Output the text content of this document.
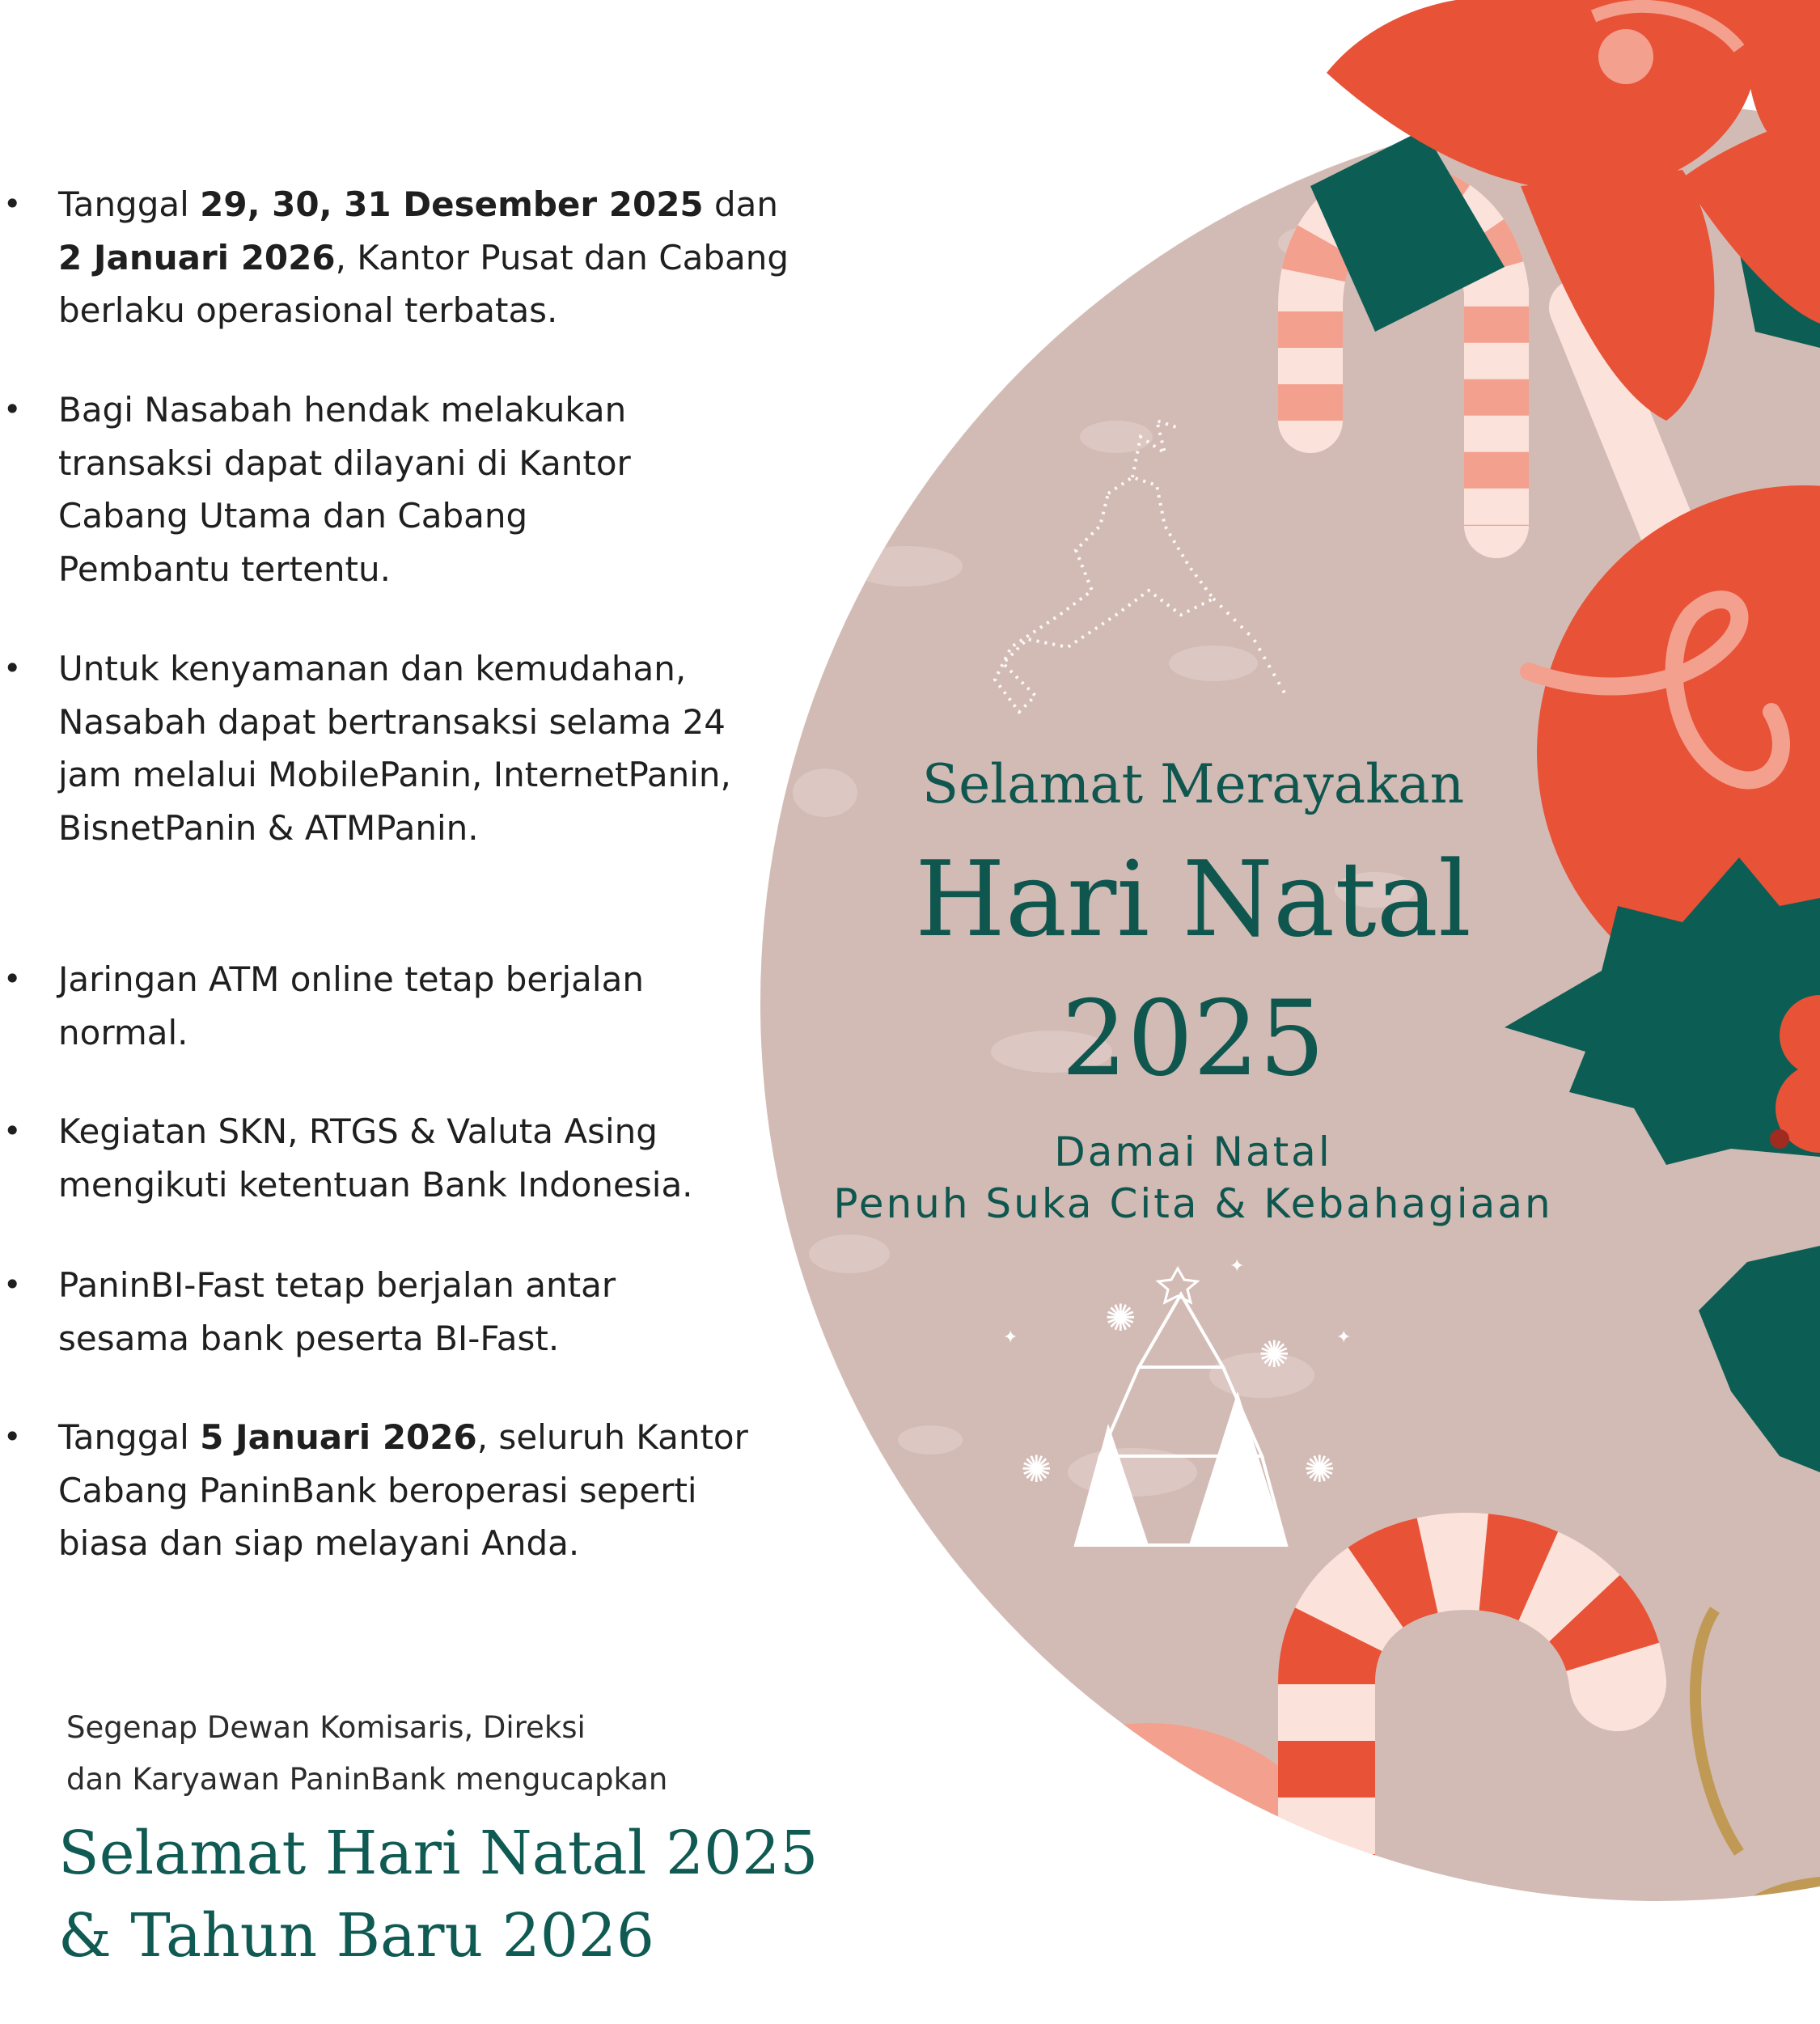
✺
✺
✺	✺
✦	✦
✦
• Tanggal 29, 30, 31 Desember 2025 dan 2 Januari 2026, Kantor Pusat dan Cabang berlaku operasional terbatas.
• Bagi Nasabah hendak melakukan transaksi dapat dilayani di Kantor Cabang Utama dan Cabang Pembantu tertentu.
• Untuk kenyamanan dan kemudahan, Nasabah dapat bertransaksi selama 24 jam melalui MobilePanin, InternetPanin, BisnetPanin & ATMPanin.
• Jaringan ATM online tetap berjalan normal.
• Kegiatan SKN, RTGS & Valuta Asing mengikuti ketentuan Bank Indonesia.
• PaninBI-Fast tetap berjalan antar sesama bank peserta BI-Fast.
• Tanggal 5 Januari 2026, seluruh Kantor Cabang PaninBank beroperasi seperti biasa dan siap melayani Anda.
Segenap Dewan Komisaris, Direksi
dan Karyawan PaninBank mengucapkan
Selamat Hari Natal 2025
& Tahun Baru 2026
Selamat Merayakan
Hari Natal
2025
Damai Natal
Penuh Suka Cita & Kebahagiaan
